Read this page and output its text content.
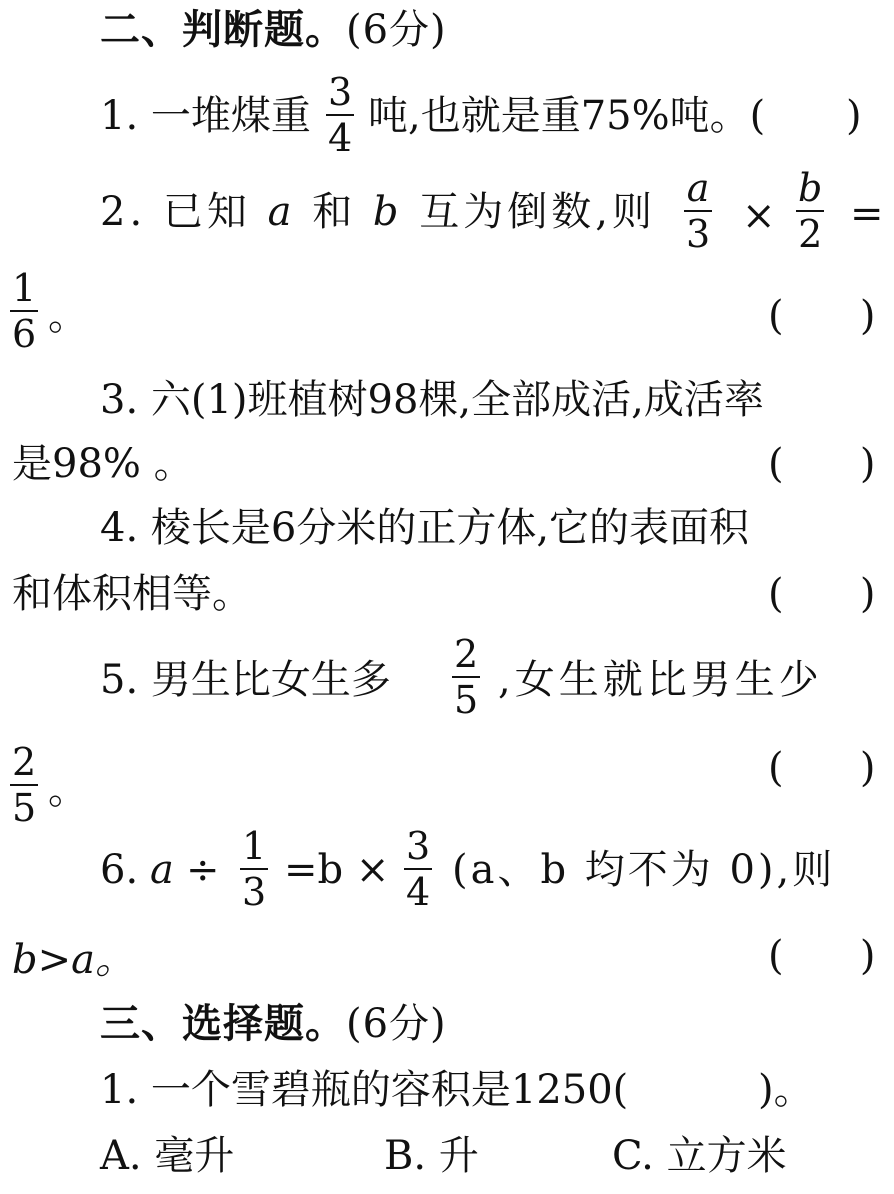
二、判断题。(6分)
1. 一堆煤重
3
4 吨,也就是重75%吨。( )
2. 已知 a 和 b 互为倒数,则
a
3 ×
b
2 =
1
6 。	(      )
3. 六(1)班植树98棵,全部成活,成活率
是98% 。	(      )
4. 棱长是6分米的正方体,它的表面积
和体积相等。	(      )
5. 男生比女生多
2
5 ,女生就比男生少
2
5 。	(      )
6. a ÷
1
3 =b ×
3
4 (a、b 均不为 0),则
b>a。	(      )
三、选择题。(6分)
1. 一个雪碧瓶的容积是1250(	)。
A. 毫升	B. 升	C. 立方米
